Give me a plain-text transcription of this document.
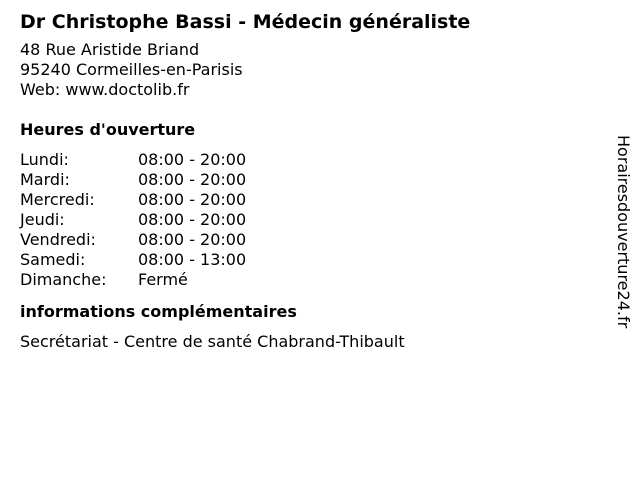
Dr Christophe Bassi - Médecin généraliste
48 Rue Aristide Briand
95240 Cormeilles-en-Parisis
Web: www.doctolib.fr
Heures d'ouverture
Lundi:	08:00 - 20:00
Mardi:	08:00 - 20:00
Mercredi:	08:00 - 20:00
Jeudi:	08:00 - 20:00
Vendredi:	08:00 - 20:00
Samedi:	08:00 - 13:00
Dimanche:	Fermé
informations complémentaires
Secrétariat - Centre de santé Chabrand-Thibault
Horairesdouverture24.fr
